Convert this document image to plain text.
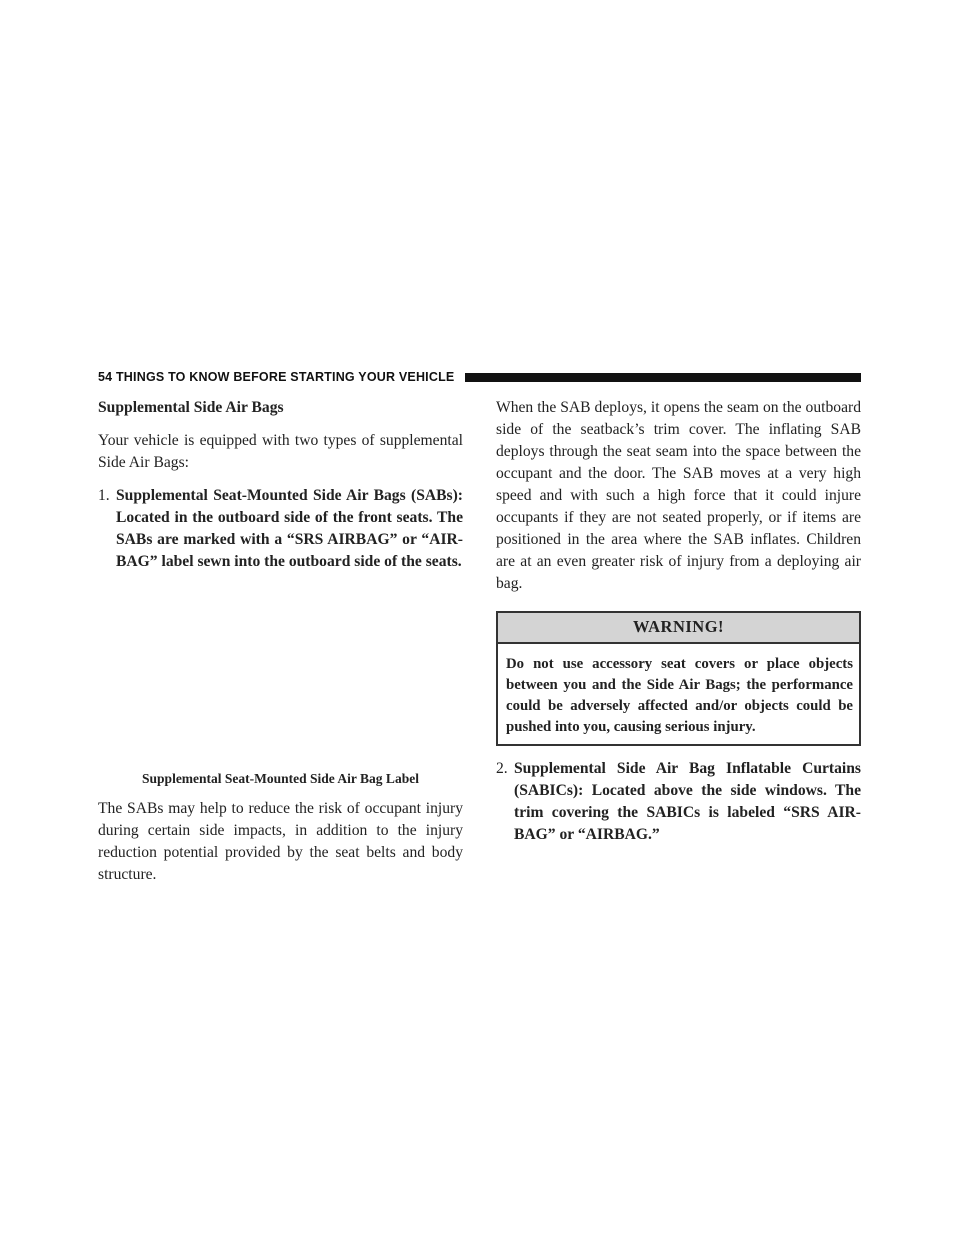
54 THINGS TO KNOW BEFORE STARTING YOUR VEHICLE
Supplemental Side Air Bags

Your vehicle is equipped with two types of supplemental Side Air Bags:

1. Supplemental Seat-Mounted Side Air Bags (SABs): Located in the outboard side of the front seats. The SABs are marked with a “SRS AIRBAG” or “AIRBAG” label sewn into the outboard side of the seats.
Supplemental Seat-Mounted Side Air Bag Label

The SABs may help to reduce the risk of occupant injury during certain side impacts, in addition to the injury reduction potential provided by the seat belts and body structure.

When the SAB deploys, it opens the seam on the outboard side of the seatback’s trim cover. The inflating SAB deploys through the seat seam into the space between the occupant and the door. The SAB moves at a very high speed and with such a high force that it could injure occupants if they are not seated properly, or if items are positioned in the area where the SAB inflates. Children are at an even greater risk of injury from a deploying air bag.

WARNING!
Do not use accessory seat covers or place objects between you and the Side Air Bags; the performance could be adversely affected and/or objects could be pushed into you, causing serious injury.
2. Supplemental Side Air Bag Inflatable Curtains (SABICs): Located above the side windows. The trim covering the SABICs is labeled “SRS AIRBAG” or “AIRBAG.”
